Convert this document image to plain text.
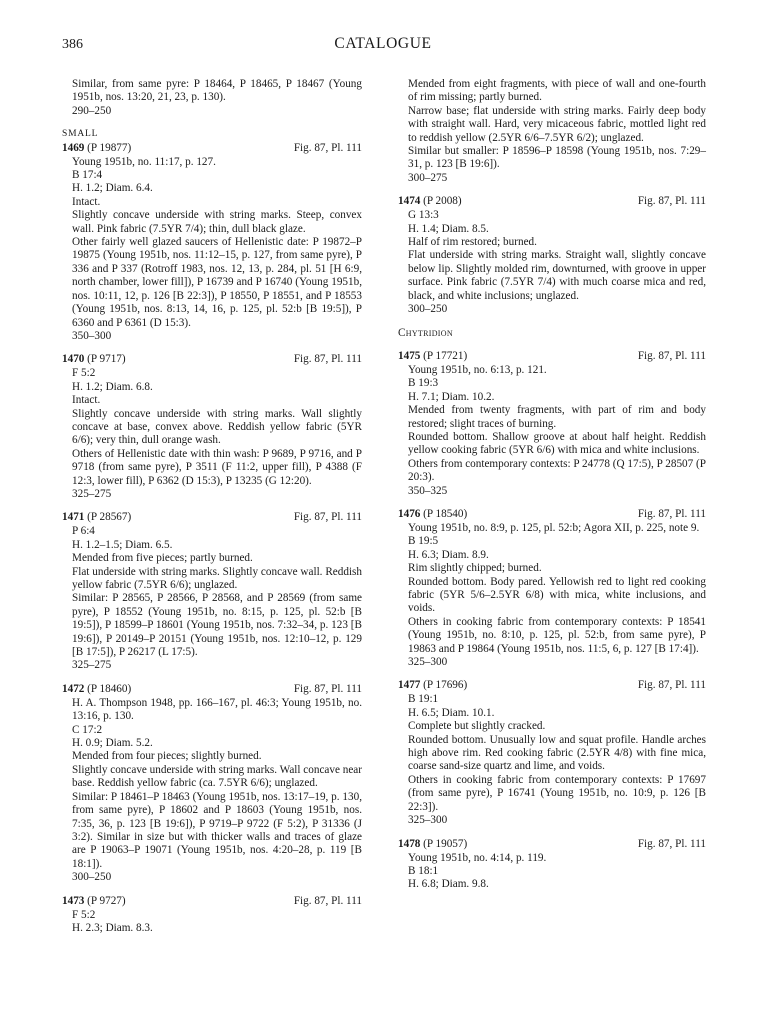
386	CATALOGUE

Similar, from same pyre: P 18464, P 18465, P 18467 (Young 1951b, nos. 13:20, 21, 23, p. 130).

290–250

SMALL
1469 (P 19877)	Fig. 87, Pl. 111

Young 1951b, no. 11:17, p. 127.

B 17:4

H. 1.2; Diam. 6.4.

Intact.

Slightly concave underside with string marks. Steep, convex wall. Pink fabric (7.5YR 7/4); thin, dull black glaze.

Other fairly well glazed saucers of Hellenistic date: P 19872–P 19875 (Young 1951b, nos. 11:12–15, p. 127, from same pyre), P 336 and P 337 (Rotroff 1983, nos. 12, 13, p. 284, pl. 51 [H 6:9, north chamber, lower fill]), P 16739 and P 16740 (Young 1951b, nos. 10:11, 12, p. 126 [B 22:3]), P 18550, P 18551, and P 18553 (Young 1951b, nos. 8:13, 14, 16, p. 125, pl. 52:b [B 19:5]), P 6360 and P 6361 (D 15:3).

350–300

1470 (P 9717)	Fig. 87, Pl. 111

F 5:2

H. 1.2; Diam. 6.8.

Intact.

Slightly concave underside with string marks. Wall slightly concave at base, convex above. Reddish yellow fabric (5YR 6/6); very thin, dull orange wash.

Others of Hellenistic date with thin wash: P 9689, P 9716, and P 9718 (from same pyre), P 3511 (F 11:2, upper fill), P 4388 (F 12:3, lower fill), P 6362 (D 15:3), P 13235 (G 12:20).

325–275

1471 (P 28567)	Fig. 87, Pl. 111

P 6:4

H. 1.2–1.5; Diam. 6.5.

Mended from five pieces; partly burned.

Flat underside with string marks. Slightly concave wall. Reddish yellow fabric (7.5YR 6/6); unglazed.

Similar: P 28565, P 28566, P 28568, and P 28569 (from same pyre), P 18552 (Young 1951b, no. 8:15, p. 125, pl. 52:b [B 19:5]), P 18599–P 18601 (Young 1951b, nos. 7:32–34, p. 123 [B 19:6]), P 20149–P 20151 (Young 1951b, nos. 12:10–12, p. 129 [B 17:5]), P 26217 (L 17:5).

325–275

1472 (P 18460)	Fig. 87, Pl. 111

H. A. Thompson 1948, pp. 166–167, pl. 46:3; Young 1951b, no. 13:16, p. 130.

C 17:2

H. 0.9; Diam. 5.2.

Mended from four pieces; slightly burned.

Slightly concave underside with string marks. Wall concave near base. Reddish yellow fabric (ca. 7.5YR 6/6); unglazed.

Similar: P 18461–P 18463 (Young 1951b, nos. 13:17–19, p. 130, from same pyre), P 18602 and P 18603 (Young 1951b, nos. 7:35, 36, p. 123 [B 19:6]), P 9719–P 9722 (F 5:2), P 31336 (J 3:2). Similar in size but with thicker walls and traces of glaze are P 19063–P 19071 (Young 1951b, nos. 4:20–28, p. 119 [B 18:1]).

300–250

1473 (P 9727)	Fig. 87, Pl. 111

F 5:2

H. 2.3; Diam. 8.3.

Mended from eight fragments, with piece of wall and one-fourth of rim missing; partly burned.

Narrow base; flat underside with string marks. Fairly deep body with straight wall. Hard, very micaceous fabric, mottled light red to reddish yellow (2.5YR 6/6–7.5YR 6/2); unglazed.

Similar but smaller: P 18596–P 18598 (Young 1951b, nos. 7:29–31, p. 123 [B 19:6]).

300–275

1474 (P 2008)	Fig. 87, Pl. 111

G 13:3

H. 1.4; Diam. 8.5.

Half of rim restored; burned.

Flat underside with string marks. Straight wall, slightly concave below lip. Slightly molded rim, downturned, with groove in upper surface. Pink fabric (7.5YR 7/4) with much coarse mica and red, black, and white inclusions; unglazed.

300–250

Chytridion
1475 (P 17721)	Fig. 87, Pl. 111

Young 1951b, no. 6:13, p. 121.

B 19:3

H. 7.1; Diam. 10.2.

Mended from twenty fragments, with part of rim and body restored; slight traces of burning.

Rounded bottom. Shallow groove at about half height. Reddish yellow cooking fabric (5YR 6/6) with mica and white inclusions.

Others from contemporary contexts: P 24778 (Q 17:5), P 28507 (P 20:3).

350–325

1476 (P 18540)	Fig. 87, Pl. 111

Young 1951b, no. 8:9, p. 125, pl. 52:b; Agora XII, p. 225, note 9.

B 19:5

H. 6.3; Diam. 8.9.

Rim slightly chipped; burned.

Rounded bottom. Body pared. Yellowish red to light red cooking fabric (5YR 5/6–2.5YR 6/8) with mica, white inclusions, and voids.

Others in cooking fabric from contemporary contexts: P 18541 (Young 1951b, no. 8:10, p. 125, pl. 52:b, from same pyre), P 19863 and P 19864 (Young 1951b, nos. 11:5, 6, p. 127 [B 17:4]).

325–300

1477 (P 17696)	Fig. 87, Pl. 111

B 19:1

H. 6.5; Diam. 10.1.

Complete but slightly cracked.

Rounded bottom. Unusually low and squat profile. Handle arches high above rim. Red cooking fabric (2.5YR 4/8) with fine mica, coarse sand-size quartz and lime, and voids.

Others in cooking fabric from contemporary contexts: P 17697 (from same pyre), P 16741 (Young 1951b, no. 10:9, p. 126 [B 22:3]).

325–300

1478 (P 19057)	Fig. 87, Pl. 111

Young 1951b, no. 4:14, p. 119.

B 18:1

H. 6.8; Diam. 9.8.
